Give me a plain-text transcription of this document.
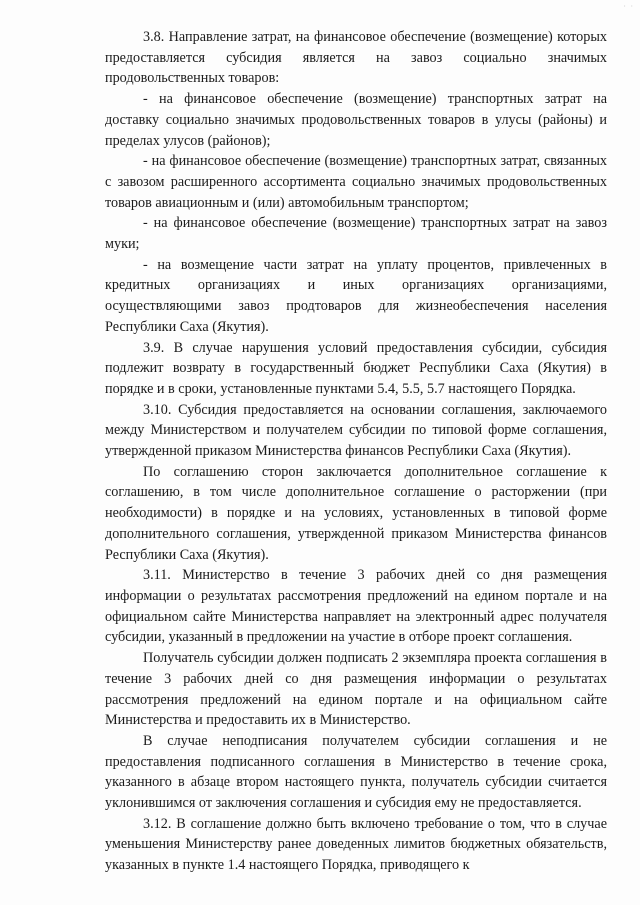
· ·

3.8. Направление затрат, на финансовое обеспечение (возмещение) которых предоставляется субсидия является на завоз социально значимых продовольственных товаров:

- на финансовое обеспечение (возмещение) транспортных затрат на доставку социально значимых продовольственных товаров в улусы (районы) и пределах улусов (районов);

- на финансовое обеспечение (возмещение) транспортных затрат, связанных с завозом расширенного ассортимента социально значимых продовольственных товаров авиационным и (или) автомобильным транспортом;

- на финансовое обеспечение (возмещение) транспортных затрат на завоз муки;

- на возмещение части затрат на уплату процентов, привлеченных в кредитных организациях и иных организациях организациями, осуществляющими завоз продтоваров для жизнеобеспечения населения Республики Саха (Якутия).

3.9. В случае нарушения условий предоставления субсидии, субсидия подлежит возврату в государственный бюджет Республики Саха (Якутия) в порядке и в сроки, установленные пунктами 5.4, 5.5, 5.7 настоящего Порядка.

3.10. Субсидия предоставляется на основании соглашения, заключаемого между Министерством и получателем субсидии по типовой форме соглашения, утвержденной приказом Министерства финансов Республики Саха (Якутия).

По соглашению сторон заключается дополнительное соглашение к соглашению, в том числе дополнительное соглашение о расторжении (при необходимости) в порядке и на условиях, установленных в типовой форме дополнительного соглашения, утвержденной приказом Министерства финансов Республики Саха (Якутия).

3.11. Министерство в течение 3 рабочих дней со дня размещения информации о результатах рассмотрения предложений на едином портале и на официальном сайте Министерства направляет на электронный адрес получателя субсидии, указанный в предложении на участие в отборе проект соглашения.

Получатель субсидии должен подписать 2 экземпляра проекта соглашения в течение 3 рабочих дней со дня размещения информации о результатах рассмотрения предложений на едином портале и на официальном сайте Министерства и предоставить их в Министерство.

В случае неподписания получателем субсидии соглашения и не предоставления подписанного соглашения в Министерство в течение срока, указанного в абзаце втором настоящего пункта, получатель субсидии считается уклонившимся от заключения соглашения и субсидия ему не предоставляется.

3.12. В соглашение должно быть включено требование о том, что в случае уменьшения Министерству ранее доведенных лимитов бюджетных обязательств, указанных в пункте 1.4 настоящего Порядка, приводящего к
